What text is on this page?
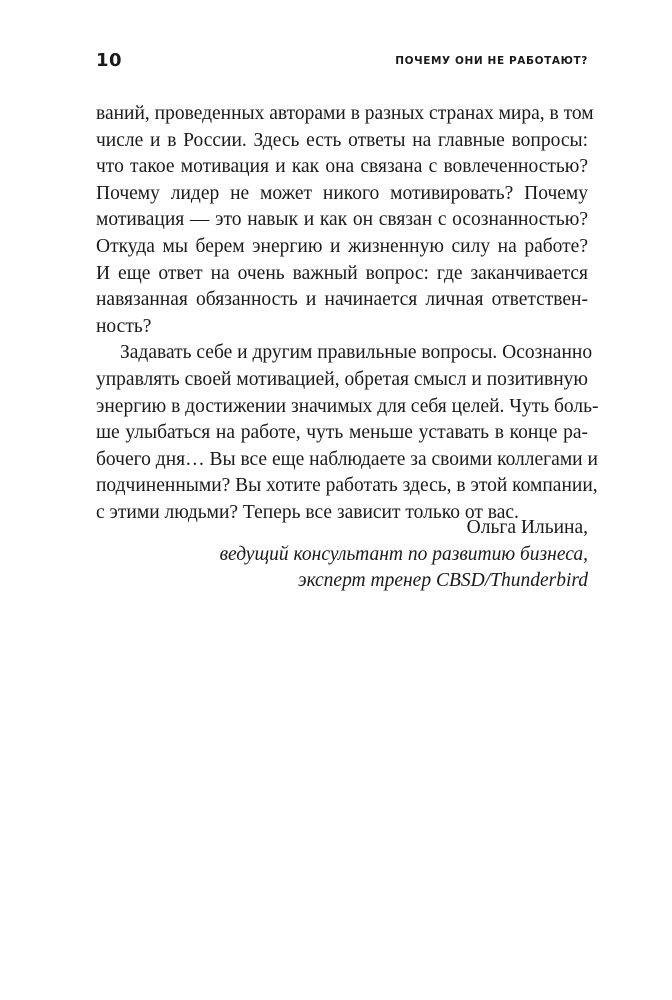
10	ПОЧЕМУ ОНИ НЕ РАБОТАЮТ?
ваний, проведенных авторами в разных странах мира, в том
числе и в России. Здесь есть ответы на главные вопросы:
что такое мотивация и как она связана с вовлеченностью?
Почему лидер не может никого мотивировать? Почему
мотивация — это навык и как он связан с осознанностью?
Откуда мы берем энергию и жизненную силу на работе?
И еще ответ на очень важный вопрос: где заканчивается
навязанная обязанность и начинается личная ответствен-
ность?
Задавать себе и другим правильные вопросы. Осознанно
управлять своей мотивацией, обретая смысл и позитивную
энергию в достижении значимых для себя целей. Чуть боль-
ше улыбаться на работе, чуть меньше уставать в конце ра-
бочего дня… Вы все еще наблюдаете за своими коллегами и
подчиненными? Вы хотите работать здесь, в этой компании,
с этими людьми? Теперь все зависит только от вас.
Ольга Ильина,
ведущий консультант по развитию бизнеса,
эксперт тренер CBSD/Thunderbird
